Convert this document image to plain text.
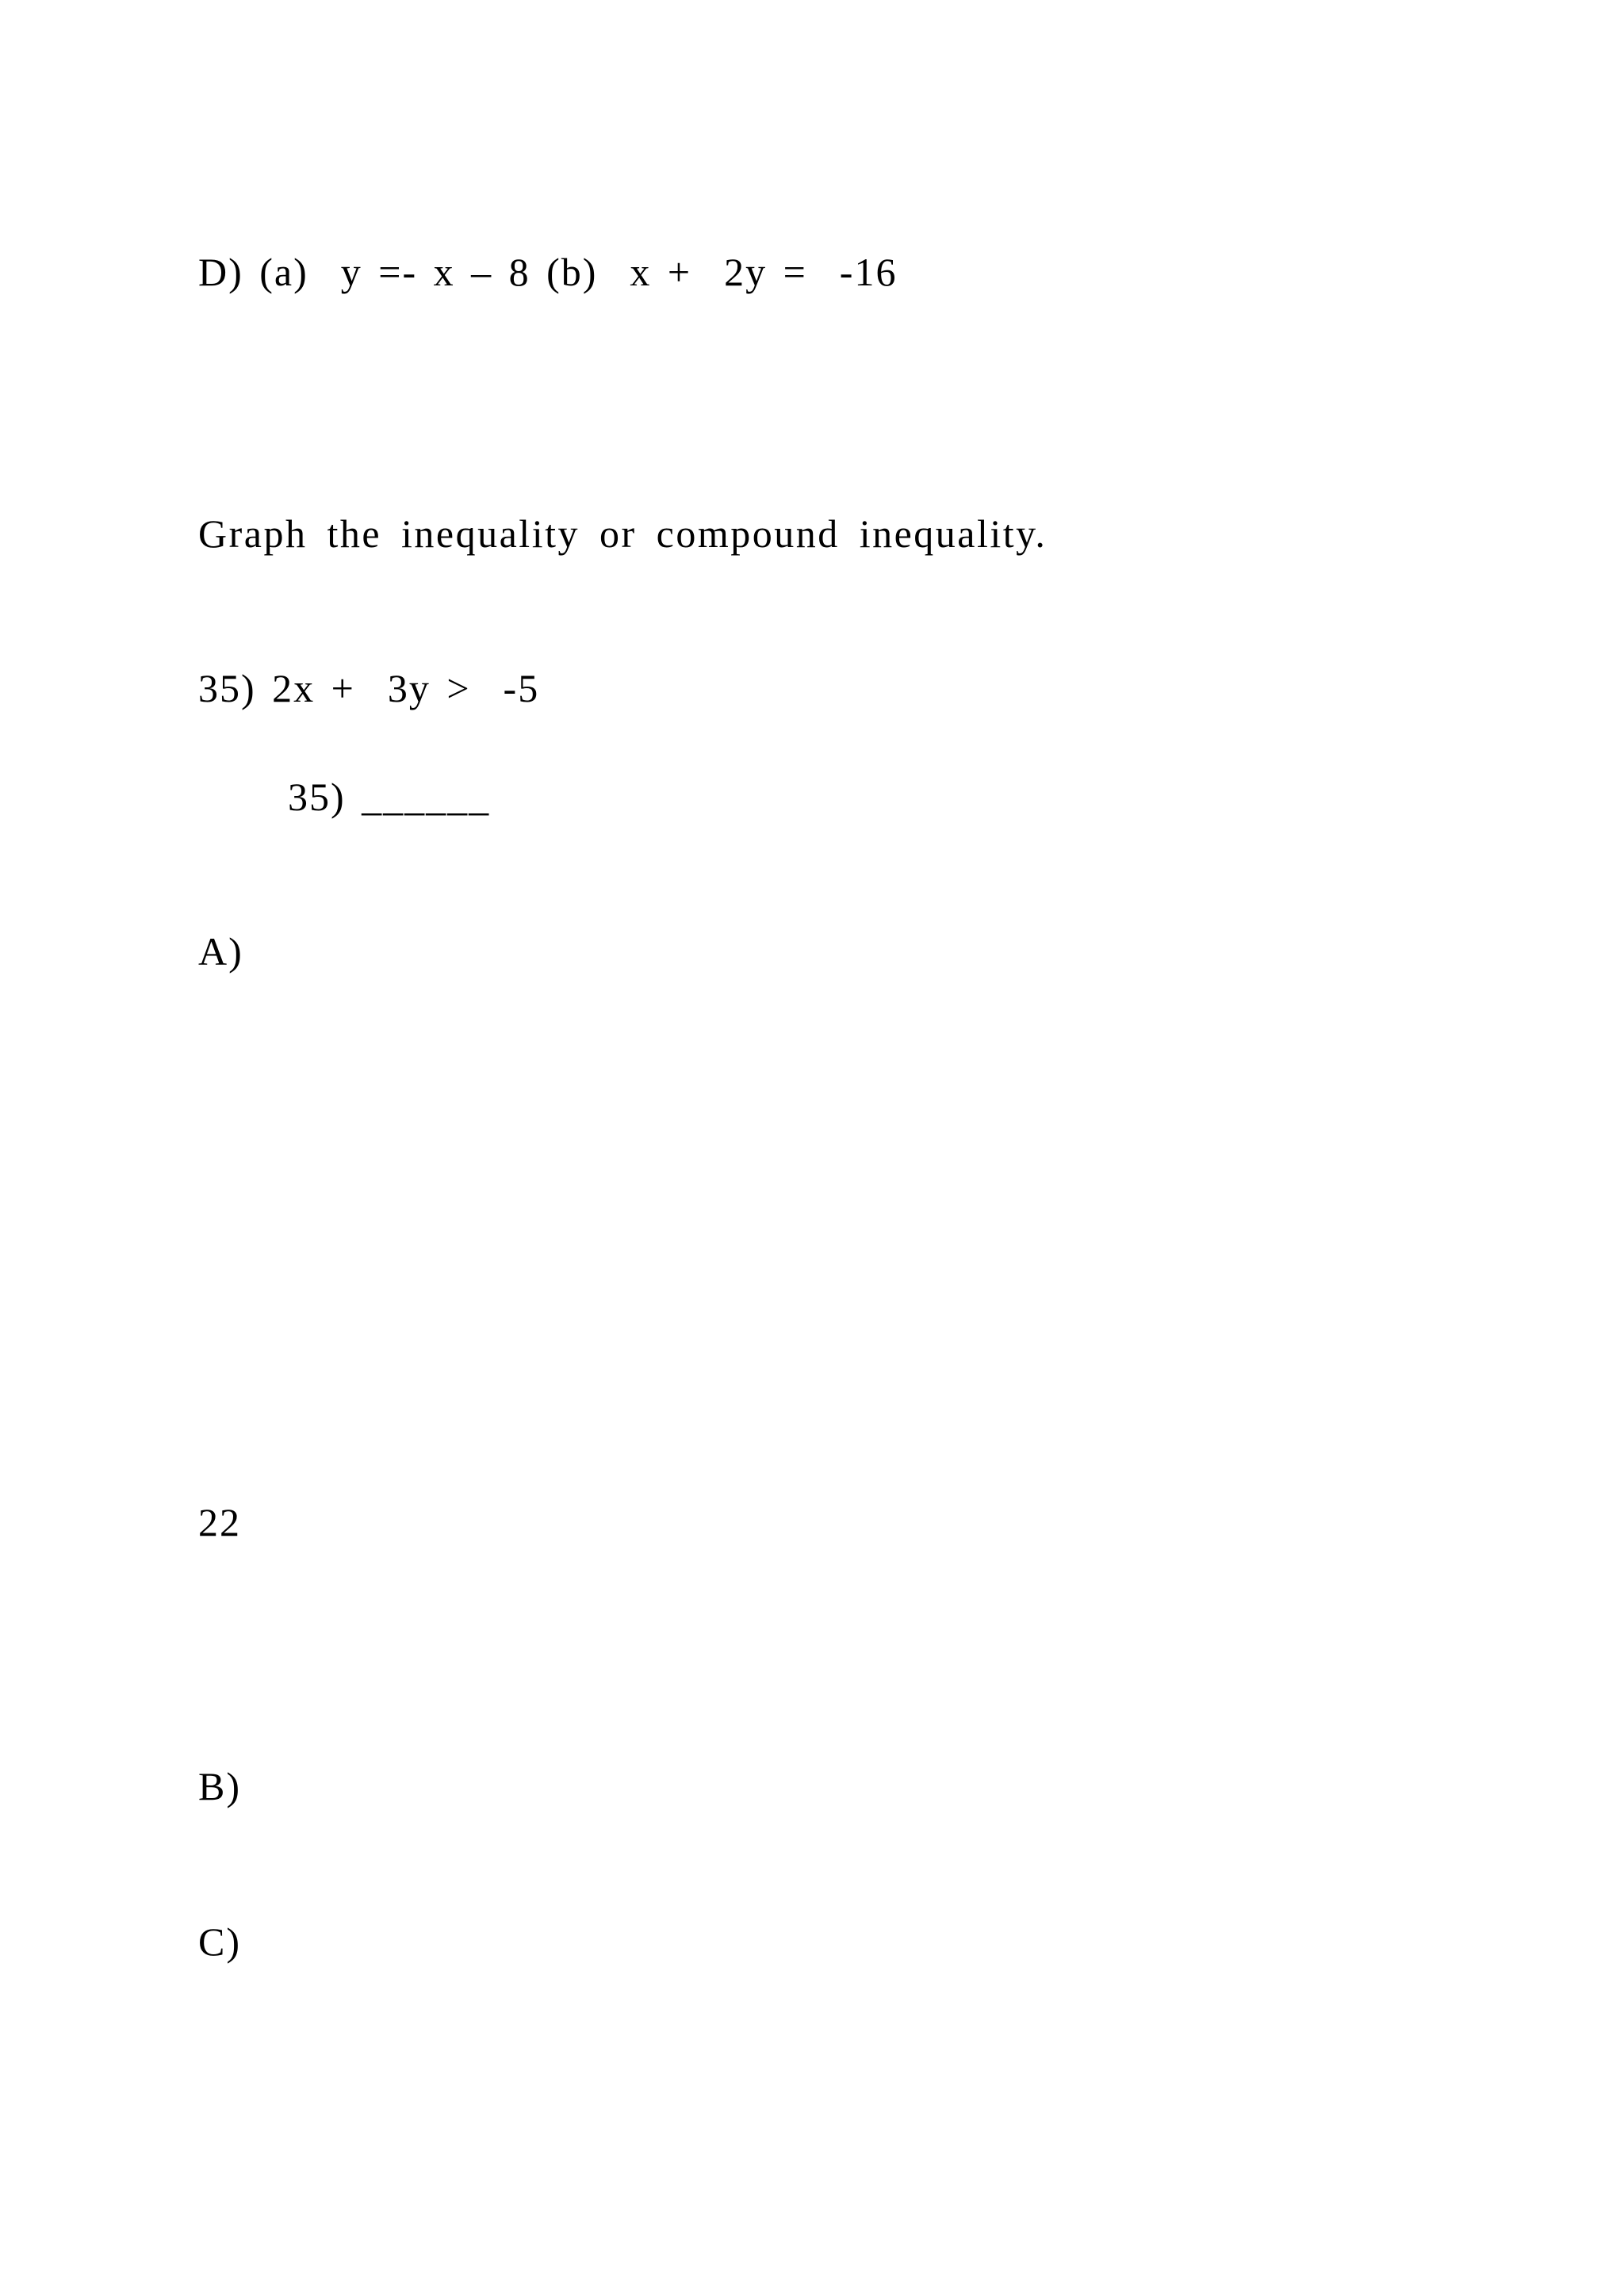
D) (a)  y =- x – 8 (b)  x +  2y =  -16
Graph the inequality or compound inequality.
35) 2x +  3y >  -5
35) ______
A)
22
B)
C)
